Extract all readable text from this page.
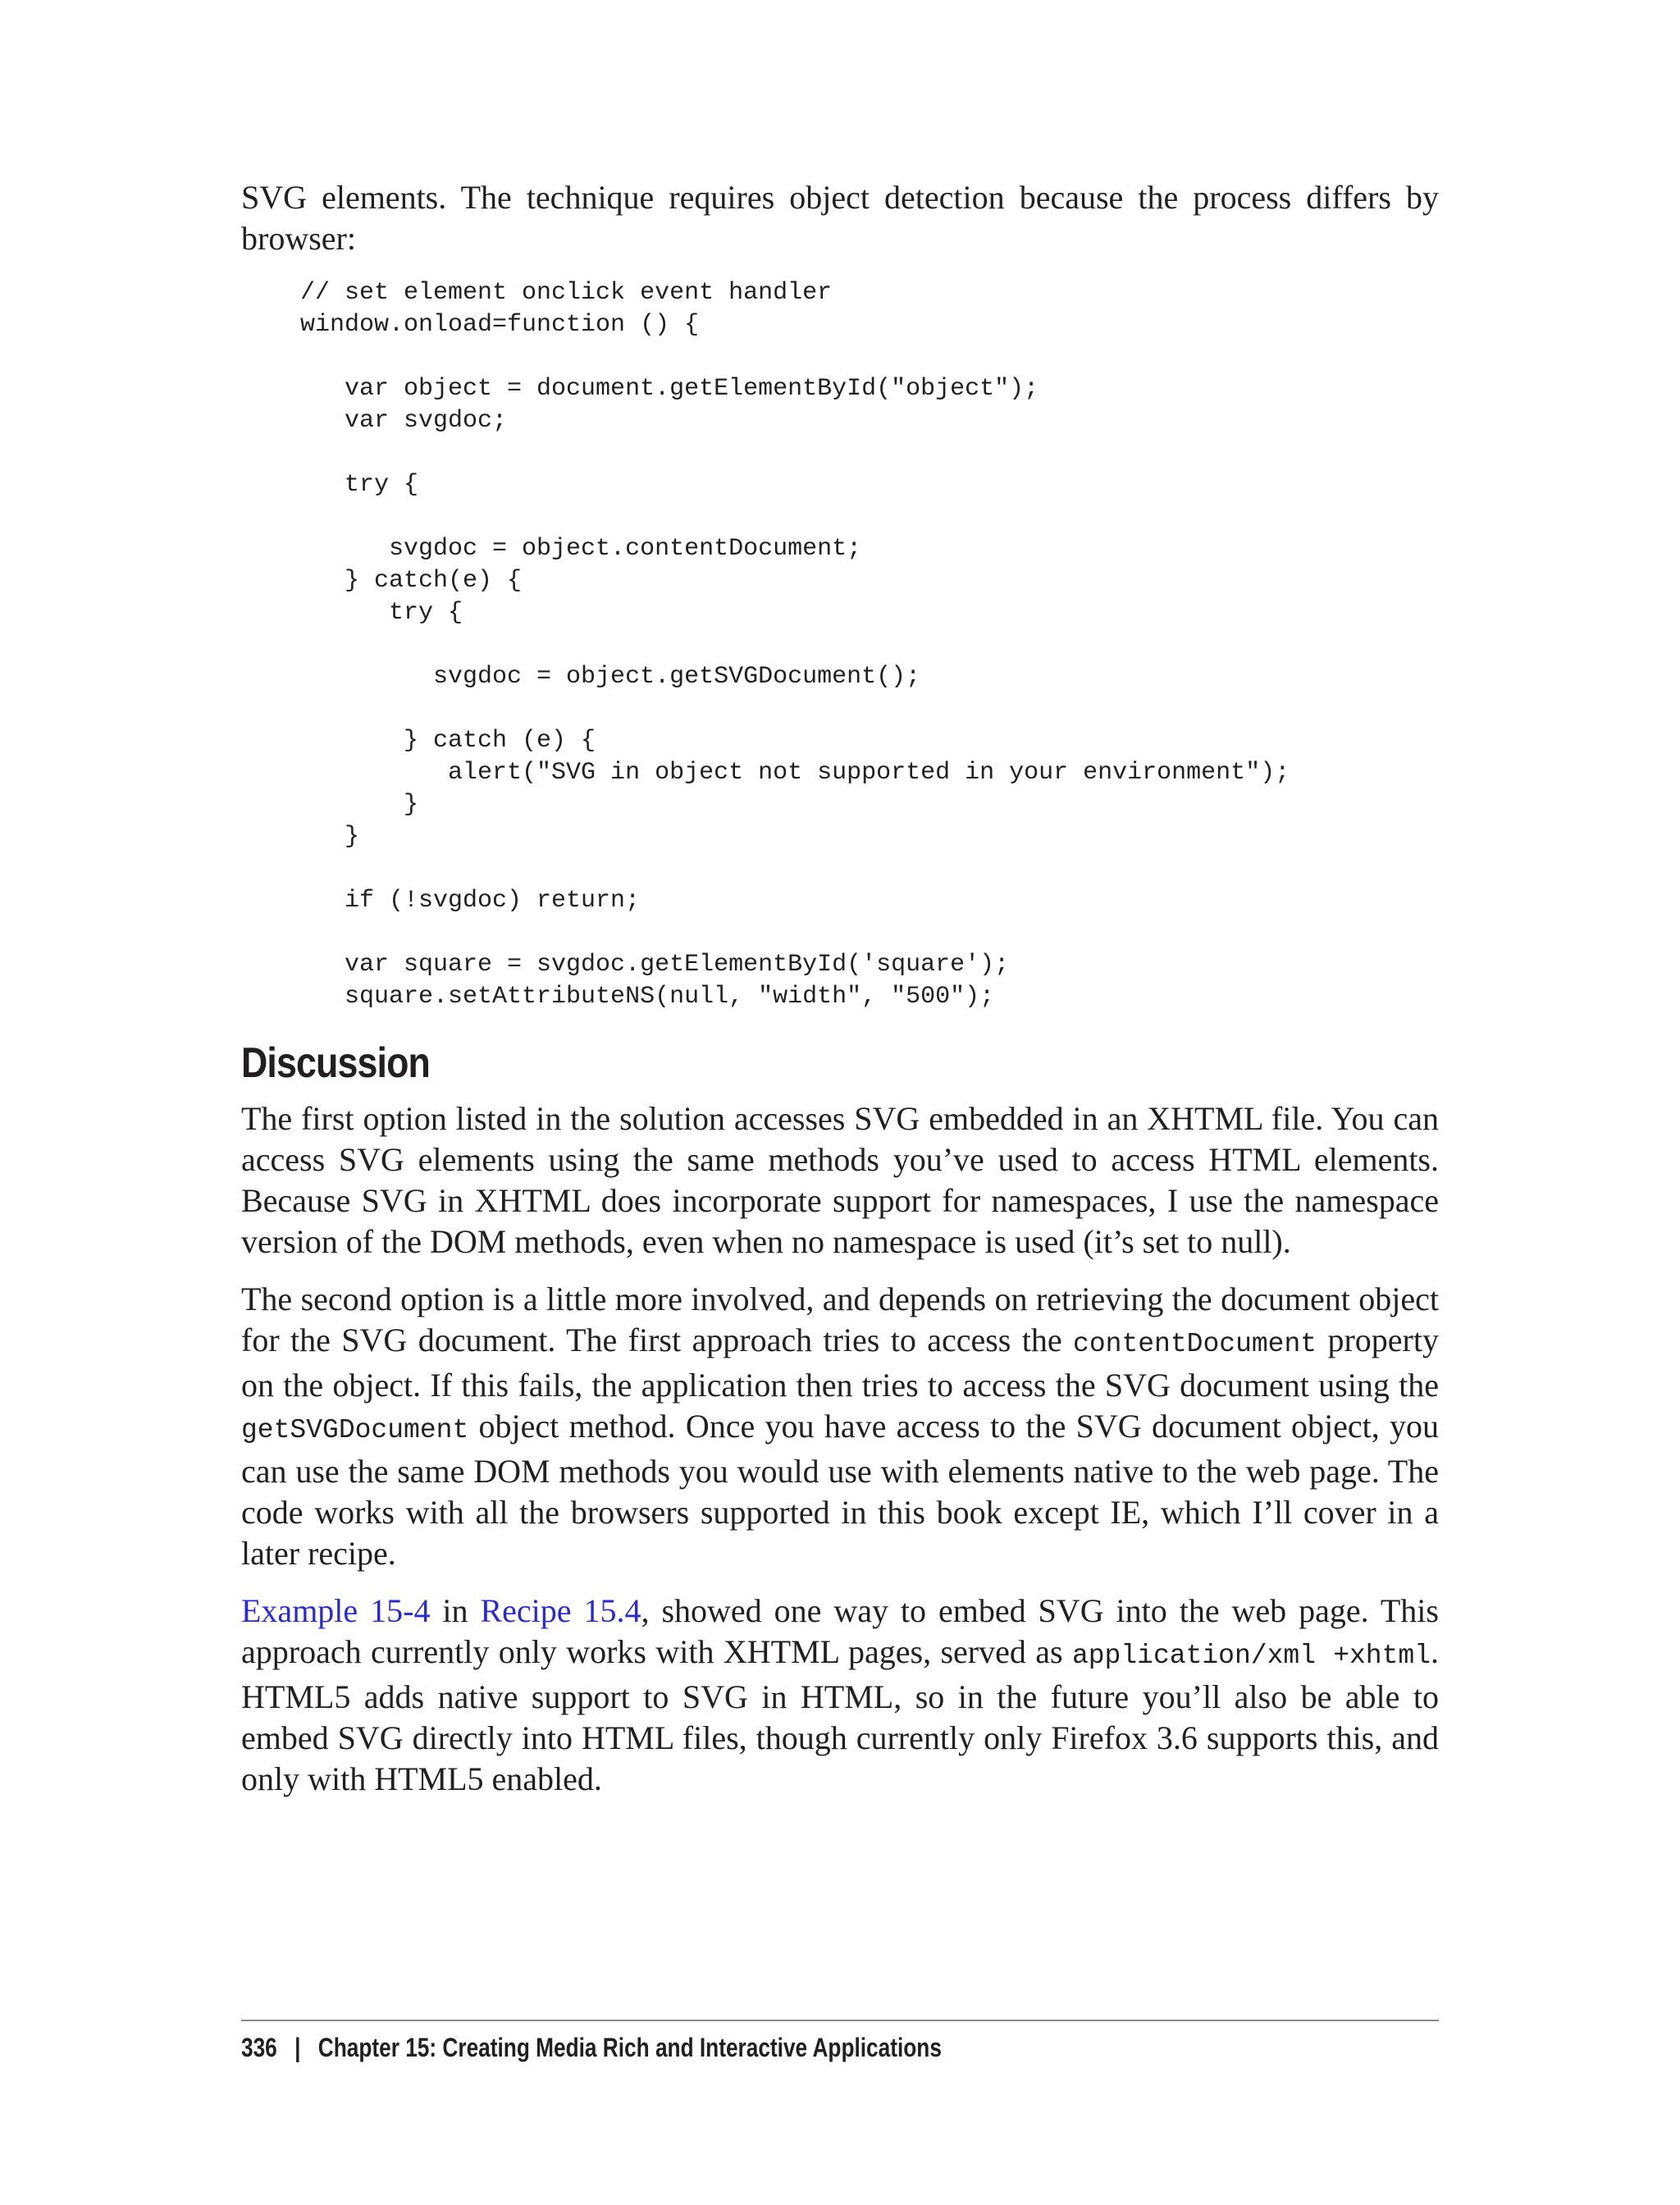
SVG elements. The technique requires object detection because the process differs by browser:

// set element onclick event handler
window.onload=function () {
var object = document.getElementById("object");
var svgdoc;
try {
svgdoc = object.contentDocument;
} catch(e) {
try {
svgdoc = object.getSVGDocument();
} catch (e) {
alert("SVG in object not supported in your environment");
}
}
if (!svgdoc) return;
var square = svgdoc.getElementById('square');
square.setAttributeNS(null, "width", "500");
Discussion

The first option listed in the solution accesses SVG embedded in an XHTML file. You can access SVG elements using the same methods you’ve used to access HTML elements. Because SVG in XHTML does incorporate support for namespaces, I use the namespace version of the DOM methods, even when no namespace is used (it’s set to null).

The second option is a little more involved, and depends on retrieving the document object for the SVG document. The first approach tries to access the contentDocument property on the object. If this fails, the application then tries to access the SVG document using the getSVGDocument object method. Once you have access to the SVG document object, you can use the same DOM methods you would use with elements native to the web page. The code works with all the browsers supported in this book except IE, which I’ll cover in a later recipe.

Example 15-4 in Recipe 15.4, showed one way to embed SVG into the web page. This approach currently only works with XHTML pages, served as application/xml +xhtml. HTML5 adds native support to SVG in HTML, so in the future you’ll also be able to embed SVG directly into HTML files, though currently only Firefox 3.6 supports this, and only with HTML5 enabled.

336 | Chapter 15: Creating Media Rich and Interactive Applications
